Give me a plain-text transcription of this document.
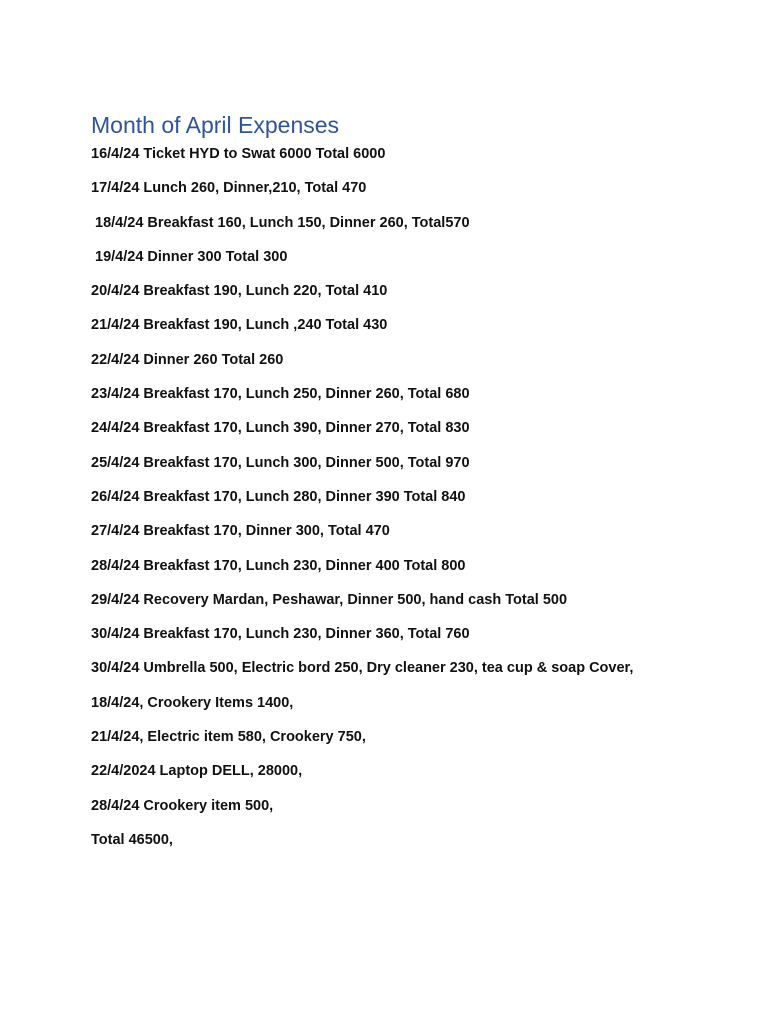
Month of April Expenses
16/4/24 Ticket HYD to Swat 6000 Total 6000
17/4/24 Lunch 260, Dinner,210, Total 470
18/4/24 Breakfast 160, Lunch 150, Dinner 260, Total570
19/4/24 Dinner 300 Total 300
20/4/24 Breakfast 190, Lunch 220, Total 410
21/4/24 Breakfast 190, Lunch ,240 Total 430
22/4/24 Dinner 260 Total 260
23/4/24 Breakfast 170, Lunch 250, Dinner 260, Total 680
24/4/24 Breakfast 170, Lunch 390, Dinner 270, Total 830
25/4/24 Breakfast 170, Lunch 300, Dinner 500, Total 970
26/4/24 Breakfast 170, Lunch 280, Dinner 390 Total 840
27/4/24 Breakfast 170, Dinner 300, Total 470
28/4/24 Breakfast 170, Lunch 230, Dinner 400 Total 800
29/4/24 Recovery Mardan, Peshawar, Dinner 500, hand cash Total 500
30/4/24 Breakfast 170, Lunch 230, Dinner 360, Total 760
30/4/24 Umbrella 500, Electric bord 250, Dry cleaner 230, tea cup & soap Cover,
18/4/24, Crookery Items 1400,
21/4/24, Electric item 580, Crookery 750,
22/4/2024 Laptop DELL, 28000,
28/4/24 Crookery item 500,
Total 46500,
